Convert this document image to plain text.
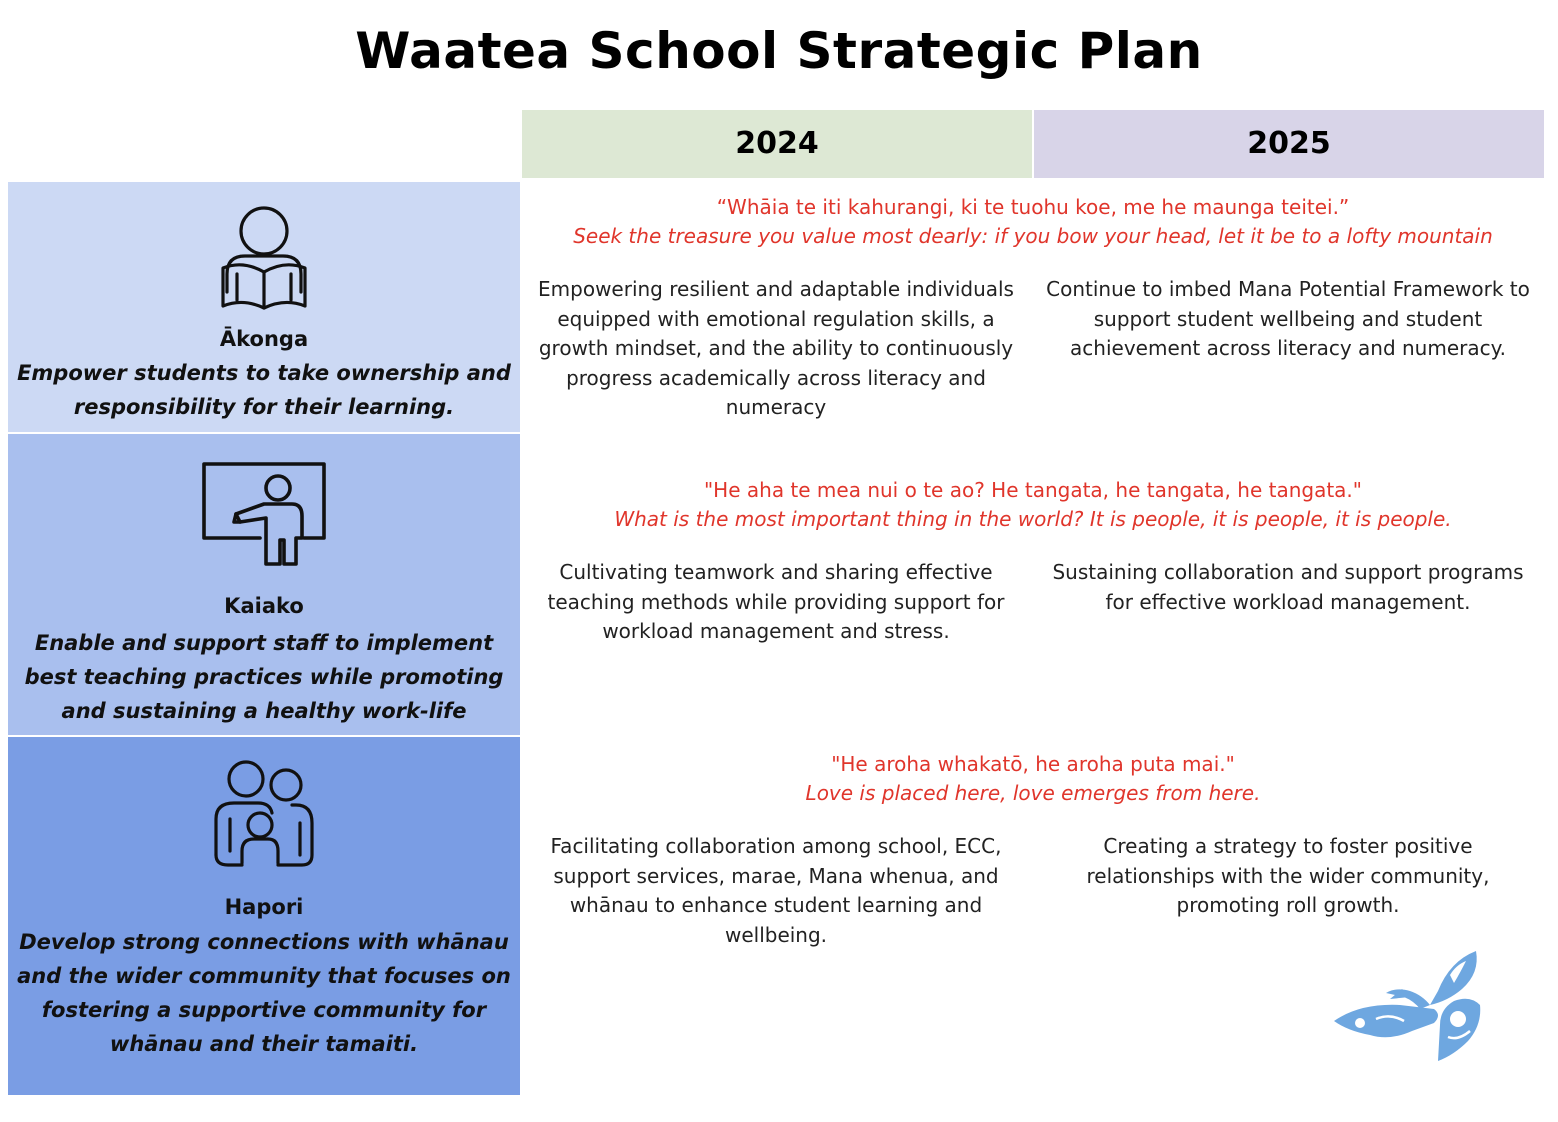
Waatea School Strategic Plan
2024	2025
Ākonga
Empower students to take ownership and responsibility for their learning.
Kaiako
Enable and support staff to implement best teaching practices while promoting and sustaining a healthy work-life
Hapori
Develop strong connections with whānau and the wider community that focuses on fostering a supportive community for whānau and their tamaiti.
“Whāia te iti kahurangi, ki te tuohu koe, me he maunga teitei.”
Seek the treasure you value most dearly: if you bow your head, let it be to a lofty mountain
Empowering resilient and adaptable individuals equipped with emotional regulation skills, a growth mindset, and the ability to continuously progress academically across literacy and numeracy
Continue to imbed Mana Potential Framework to support student wellbeing and student achievement across literacy and numeracy.
"He aha te mea nui o te ao? He tangata, he tangata, he tangata."
What is the most important thing in the world? It is people, it is people, it is people.
Cultivating teamwork and sharing effective teaching methods while providing support for workload management and stress.
Sustaining collaboration and support programs for effective workload management.
"He aroha whakatō, he aroha puta mai."
Love is placed here, love emerges from here.
Facilitating collaboration among school, ECC, support services, marae, Mana whenua, and whānau to enhance student learning and wellbeing.
Creating a strategy to foster positive relationships with the wider community, promoting roll growth.
